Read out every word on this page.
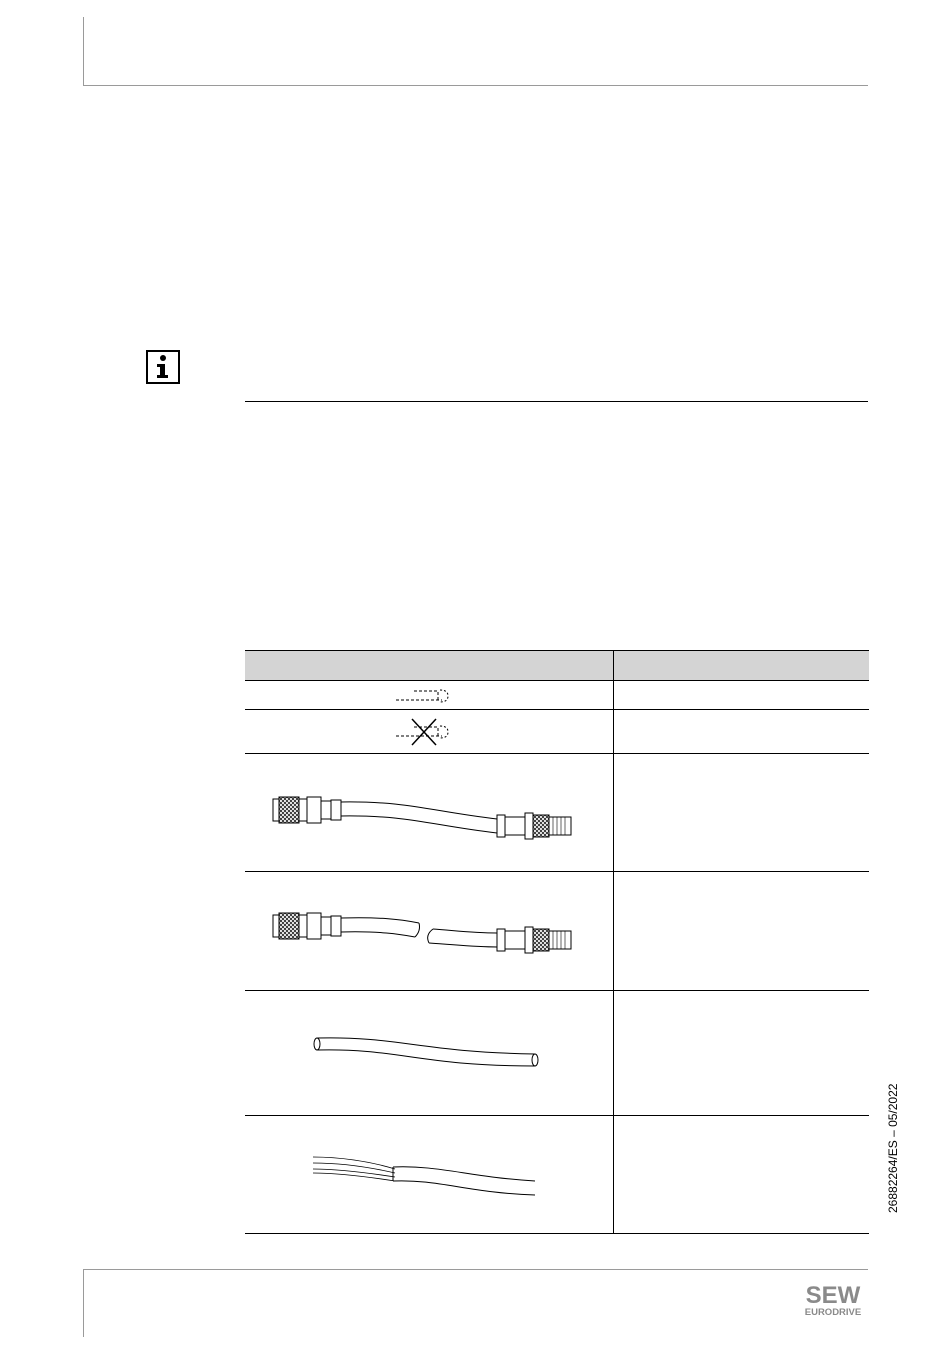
26882264/ES – 05/2022
SEW
EURODRIVE
